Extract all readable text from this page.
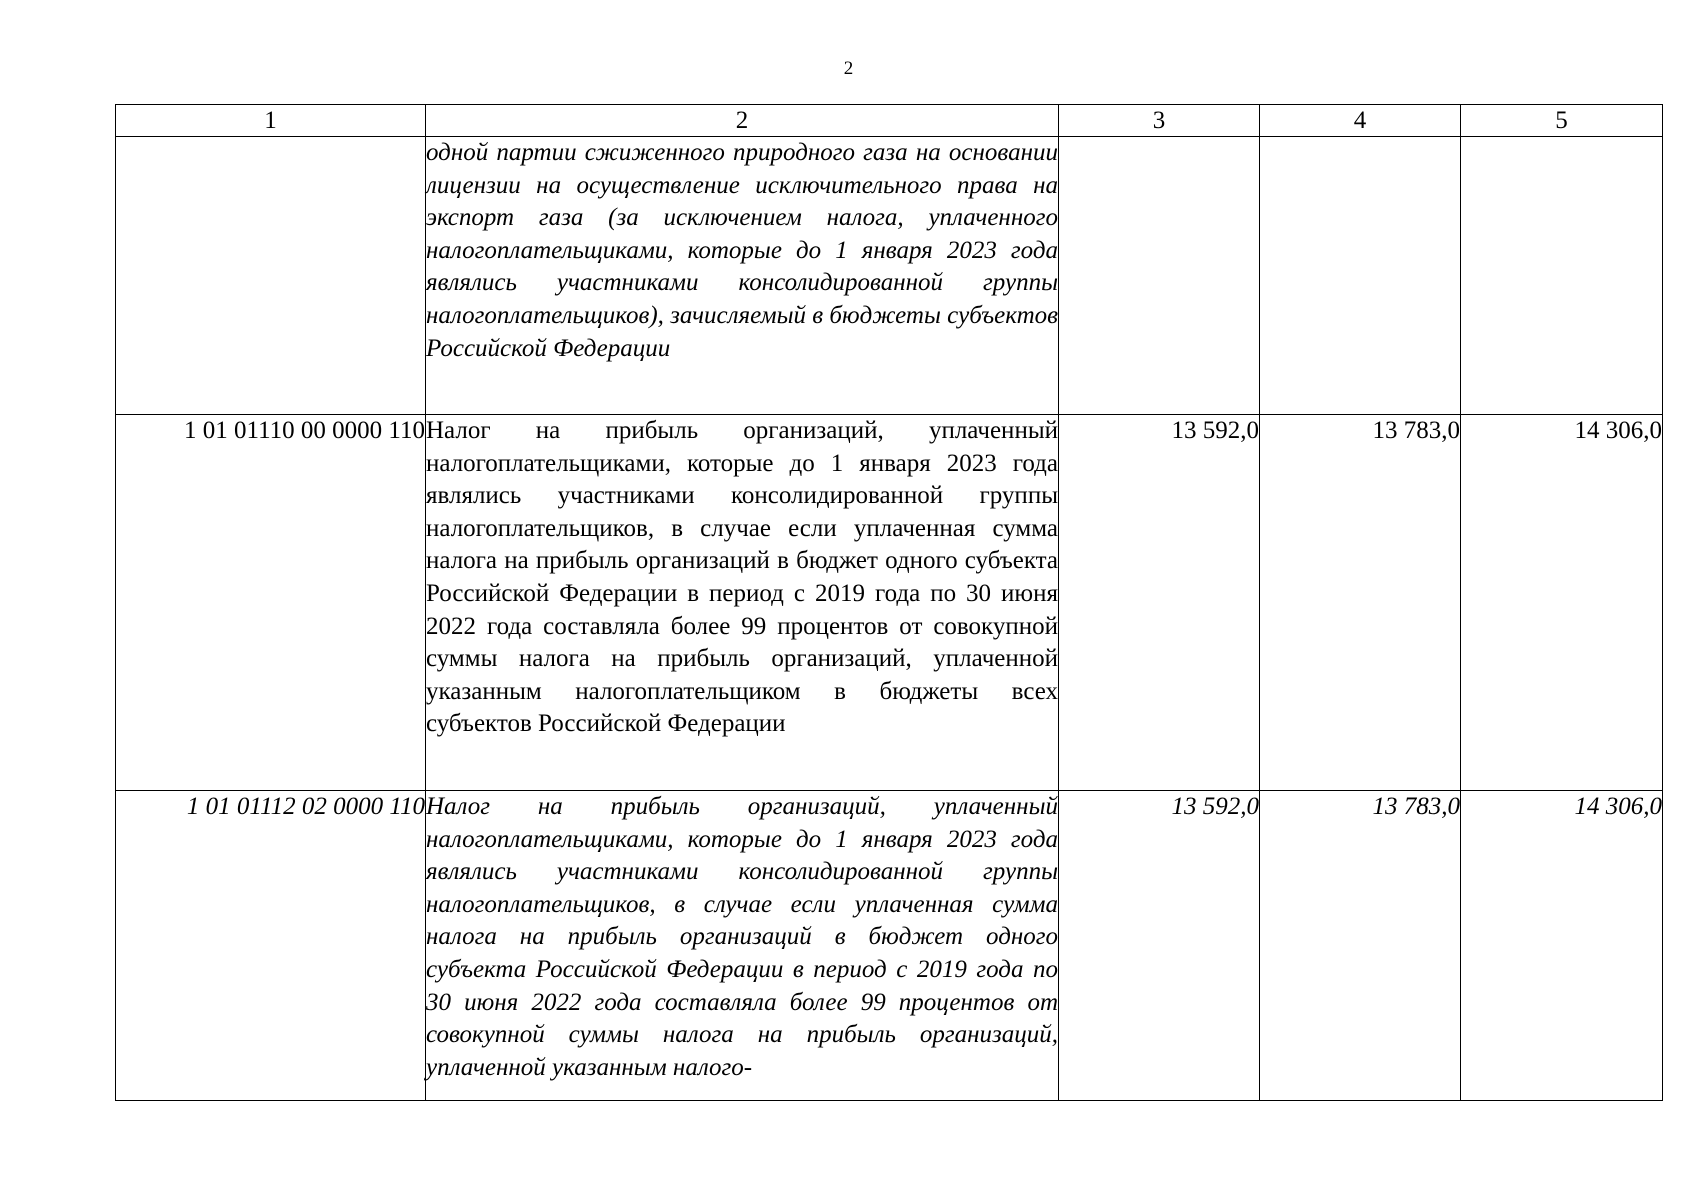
2
1	2	3	4	5

	одной партии сжиженного природного газа на основании лицензии на осуществление исключительного права на экспорт газа (за исключением налога, уплаченного налогоплательщиками, которые до 1 января 2023 года являлись участниками консолидированной группы налогоплательщиков), зачисляемый в бюджеты субъектов Российской Федерации			

1 01 01110 00 0000 110	Налог на прибыль организаций, уплаченный налогоплательщиками, которые до 1 января 2023 года являлись участниками консолидированной группы налогоплательщиков, в случае если уплаченная сумма налога на прибыль организаций в бюджет одного субъекта Российской Федерации в период с 2019 года по 30 июня 2022 года составляла более 99 процентов от совокупной суммы налога на прибыль организаций, уплаченной указанным налогоплательщиком в бюджеты всех субъектов Российской Федерации	13 592,0	13 783,0	14 306,0
1 01 01112 02 0000 110	Налог на прибыль организаций, уплаченный налогоплательщиками, которые до 1 января 2023 года являлись участниками консолидированной группы налогоплательщиков, в случае если уплаченная сумма налога на прибыль организаций в бюджет одного субъекта Российской Федерации в период с 2019 года по 30 июня 2022 года составляла более 99 процентов от совокупной суммы налога на прибыль организаций, уплаченной указанным налого-	13 592,0	13 783,0	14 306,0
